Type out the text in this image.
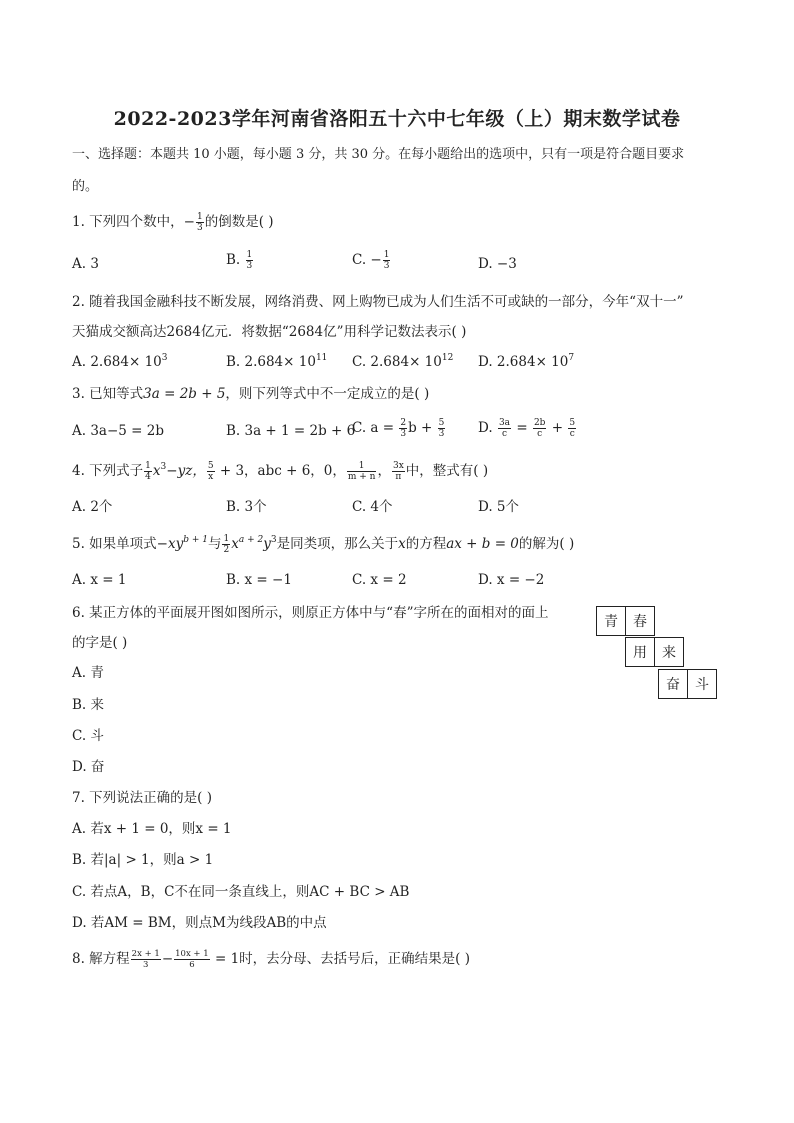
2022-2023学年河南省洛阳五十六中七年级（上）期末数学试卷
一、选择题：本题共 10 小题，每小题 3 分，共 30 分。在每小题给出的选项中，只有一项是符合题目要求
的。
1. 下列四个数中，− $\frac{1}{3}$ 的倒数是( )
A. 3	B. $\frac{1}{3}$	C. − $\frac{1}{3}$	D. −3
2. 随着我国金融科技不断发展，网络消费、网上购物已成为人们生活不可或缺的一部分，今年“双十一”
天猫成交额高达2684亿元．将数据“2684亿”用科学记数法表示( )
A. $2.684\times 10^3$	B. $2.684\times 10^{11}$ C. $2.684\times 10^{12}$ D. $2.684\times 10^7$
3. 已知等式3a = 2b + 5，则下列等式中不一定成立的是( )
A. 3a−5 = 2b	B. 3a + 1 = 2b + 6
C. $a = \frac{2}{3}$ $b + \frac{5}{3} D$. $\frac{3a}{c} = \frac{2b}{c} + \frac{5}{c}$
4. 下列式子 $\frac{1}{4} x^3-yz$， $\frac{5}{x} + 3$，abc + 6，0， $\frac{1}{m + n}$ ， $\frac{3x}{\pi}$ 中，整式有( )
A. 2个	B. 3个	C. 4个	D. 5个
5. 如果单项式$-xy^{b + 1}$与 $\frac{1}{2} x^{a + 2}y^3$是同类项，那么关于x的方程ax + b = 0的解为( )
A. x = 1	B. x = −1	C. x = 2	D. x = −2
6. 某正方体的平面展开图如图所示，则原正方体中与“春”字所在的面相对的面上
的字是( )
A. 青
B. 来
C. 斗
D. 奋
青	春
用	来
奋	斗
7. 下列说法正确的是( )
A. 若x + 1 = 0，则x = 1
B. 若|a| > 1，则a > 1
C. 若点A，B，C不在同一条直线上，则AC + BC > AB
D. 若AM = BM，则点M为线段AB的中点
8. 解方程 $\frac{2x + 1}{3} - \frac{10x + 1}{6} = 1$时，去分母、去括号后，正确结果是( )
